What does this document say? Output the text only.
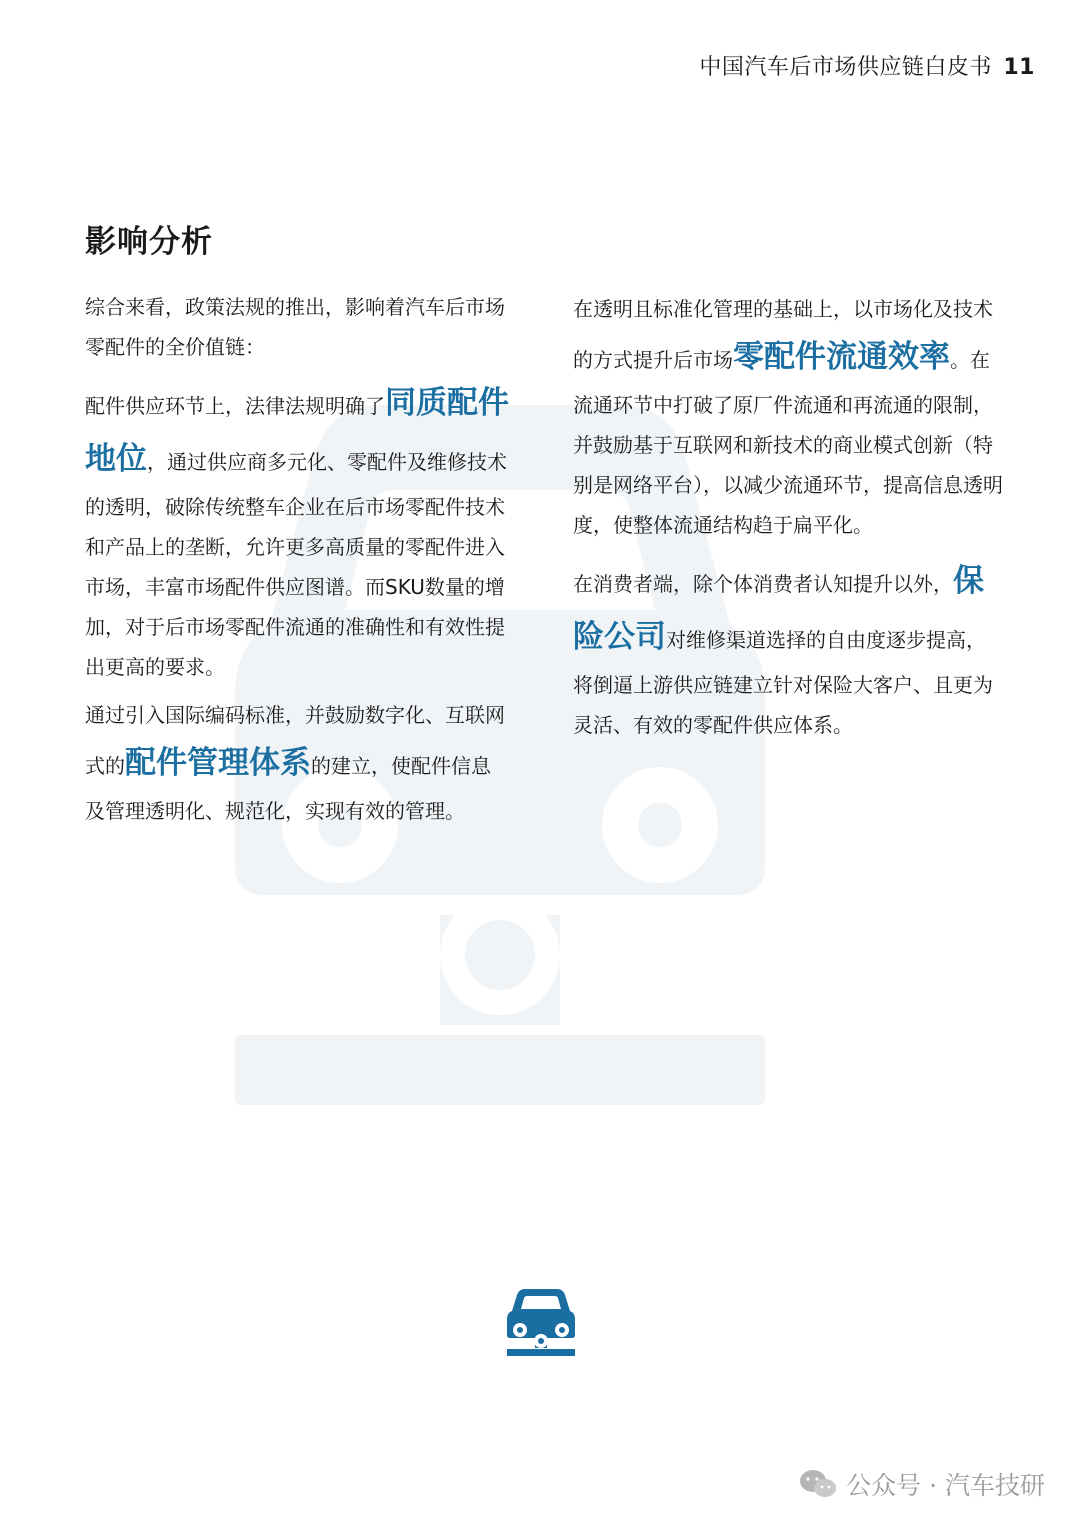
中国汽车后市场供应链白皮书 11
影响分析

综合来看，政策法规的推出，影响着汽车后市场零配件的全价值链：

配件供应环节上，法律法规明确了同质配件地位，通过供应商多元化、零配件及维修技术的透明，破除传统整车企业在后市场零配件技术和产品上的垄断，允许更多高质量的零配件进入市场，丰富市场配件供应图谱。而SKU数量的增加，对于后市场零配件流通的准确性和有效性提出更高的要求。

通过引入国际编码标准，并鼓励数字化、互联网式的配件管理体系的建立，使配件信息及管理透明化、规范化，实现有效的管理。

在透明且标准化管理的基础上，以市场化及技术的方式提升后市场零配件流通效率。在流通环节中打破了原厂件流通和再流通的限制，并鼓励基于互联网和新技术的商业模式创新（特别是网络平台），以减少流通环节，提高信息透明度，使整体流通结构趋于扁平化。

在消费者端，除个体消费者认知提升以外，保险公司对维修渠道选择的自由度逐步提高，将倒逼上游供应链建立针对保险大客户、且更为灵活、有效的零配件供应体系。

公众号 · 汽车技研
